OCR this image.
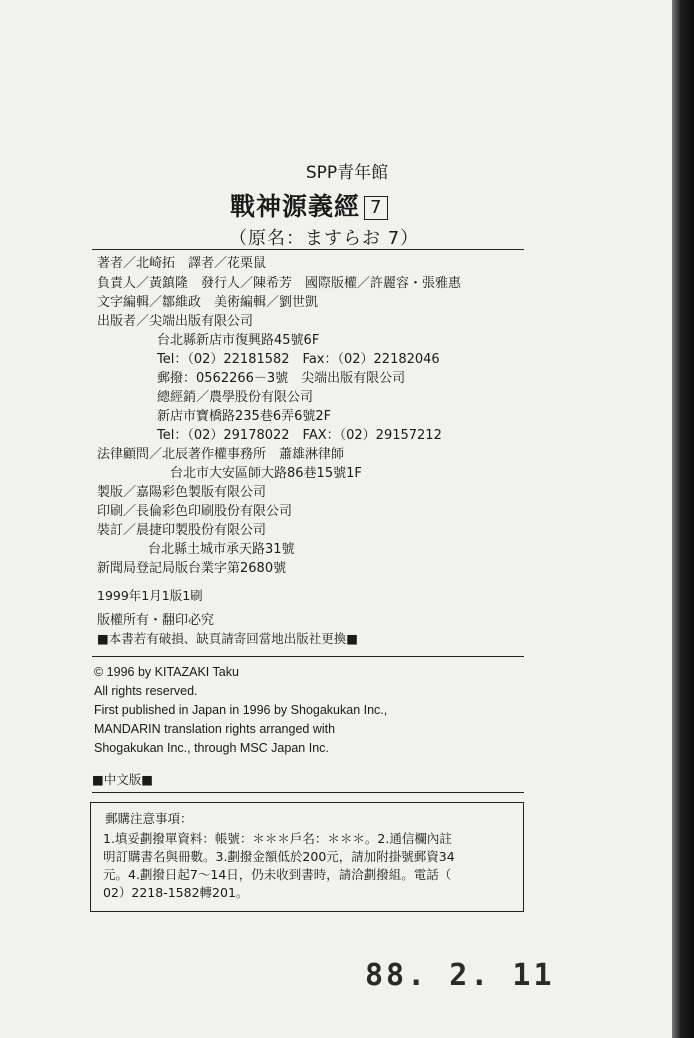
SPP青年館
戰神源義經 7
（原名：ますらお 7）
著者／北崎拓　譯者／花栗鼠
負責人／黃鎮隆　發行人／陳希芳　國際版權／許麗容・張雅惠
文字編輯／鄒維政　美術編輯／劉世凱
出版者／尖端出版有限公司
台北縣新店市復興路45號6F
Tel：（02）22181582　Fax：（02）22182046
郵撥：0562266－3號　尖端出版有限公司
總經銷／農學股份有限公司
新店市寶橋路235巷6弄6號2F
Tel：（02）29178022　FAX：（02）29157212
法律顧問／北辰著作權事務所　蕭雄淋律師
台北市大安區師大路86巷15號1F
製版／嘉陽彩色製版有限公司
印刷／長倫彩色印刷股份有限公司
裝訂／晨捷印製股份有限公司
台北縣土城市承天路31號
新聞局登記局版台業字第2680號
1999年1月1版1刷
版權所有・翻印必究
■本書若有破損、缺頁請寄回當地出版社更換■
© 1996 by KITAZAKI Taku
All rights reserved.
First published in Japan in 1996 by Shogakukan Inc.,
MANDARIN translation rights arranged with
Shogakukan Inc., through MSC Japan Inc.
■中文版■
郵購注意事項：
1.填妥劃撥單資料：帳號：＊＊＊戶名：＊＊＊。2.通信欄內註
明訂購書名與冊數。3.劃撥金額低於200元，請加附掛號郵資34
元。4.劃撥日起7～14日，仍未收到書時，請洽劃撥組。電話（
02）2218-1582轉201。
88. 2. 11
